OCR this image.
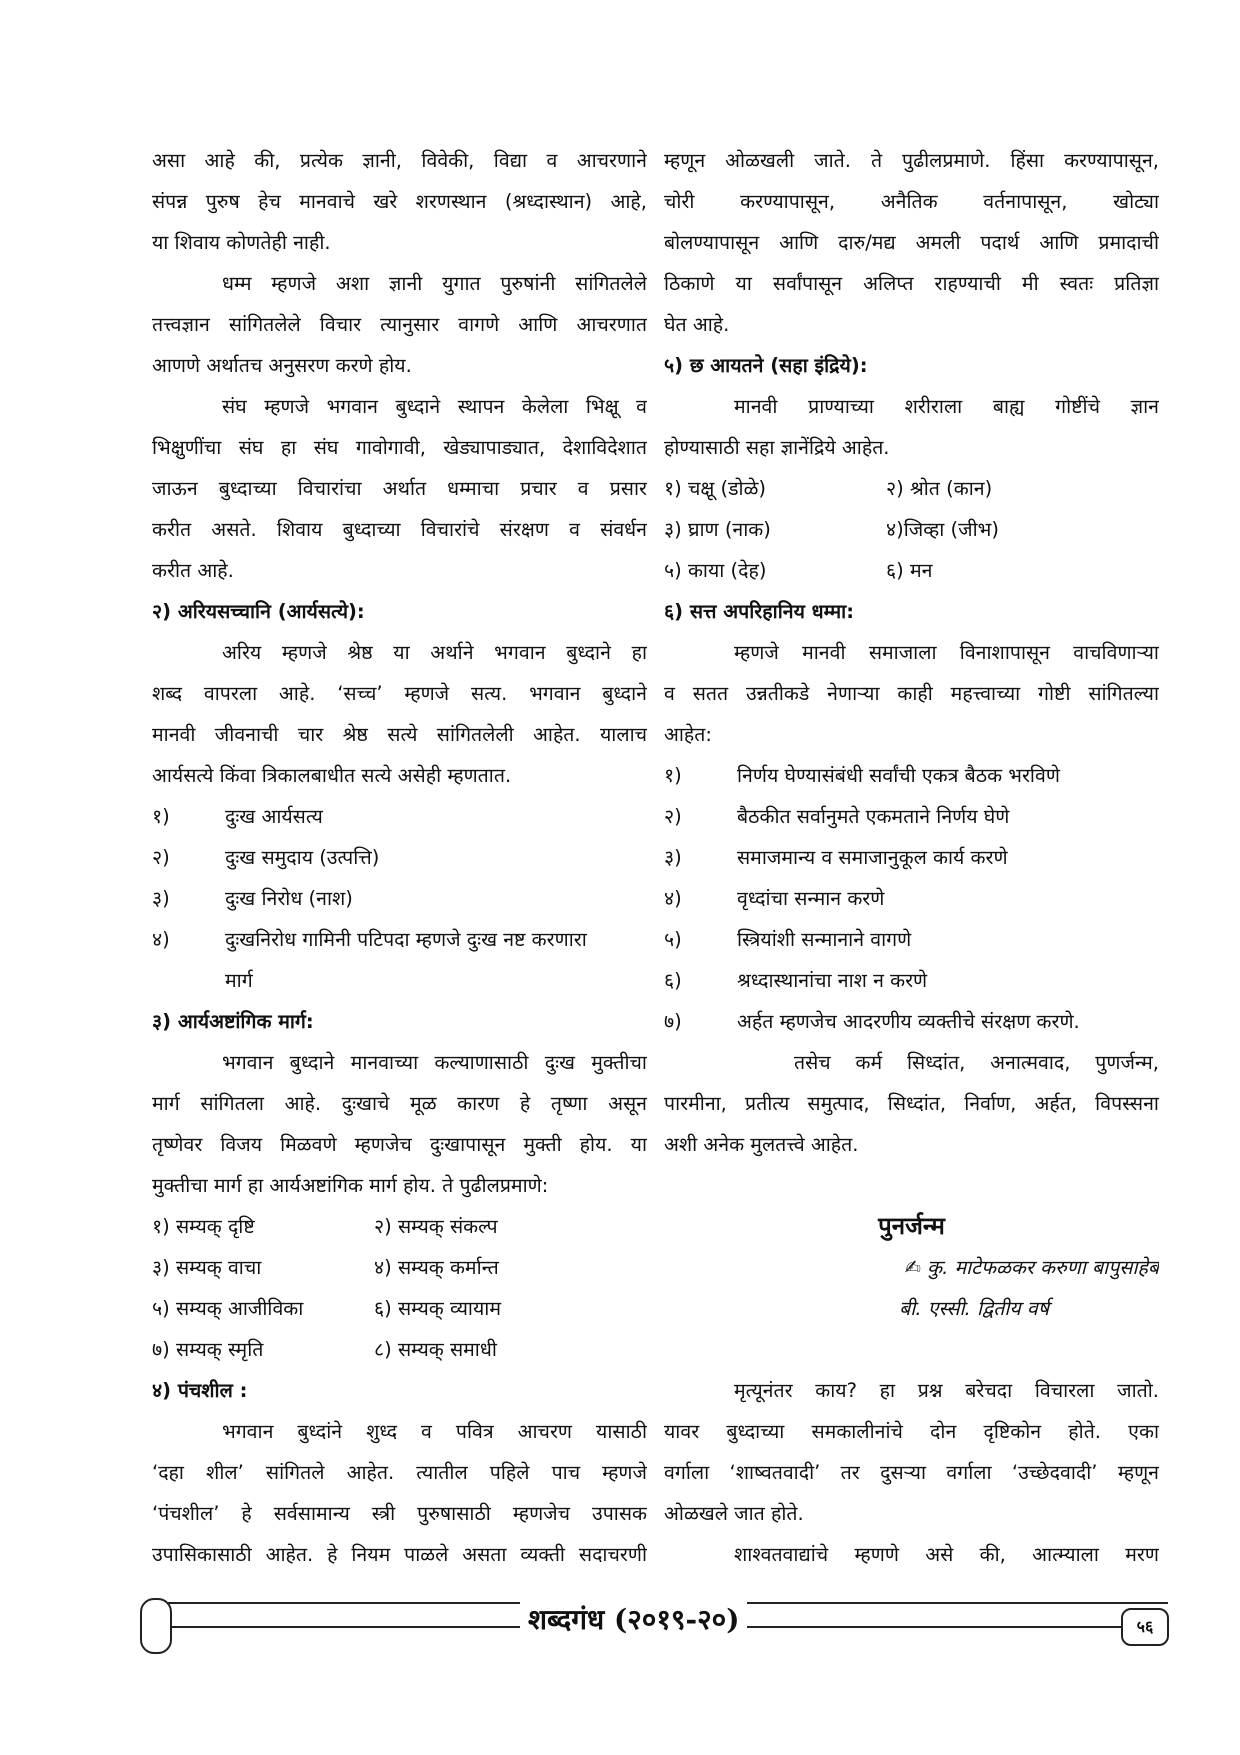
असा आहे की, प्रत्येक ज्ञानी, विवेकी, विद्या व आचरणाने
संपन्न पुरुष हेच मानवाचे खरे शरणस्थान (श्रध्दास्थान) आहे,
या शिवाय कोणतेही नाही.
धम्म म्हणजे अशा ज्ञानी युगात पुरुषांनी सांगितलेले
तत्त्वज्ञान सांगितलेले विचार त्यानुसार वागणे आणि आचरणात
आणणे अर्थातच अनुसरण करणे होय.
संघ म्हणजे भगवान बुध्दाने स्थापन केलेला भिक्षू व
भिक्षुणींचा संघ हा संघ गावोगावी, खेड्यापाड्यात, देशाविदेशात
जाऊन बुध्दाच्या विचारांचा अर्थात धम्माचा प्रचार व प्रसार
करीत असते. शिवाय बुध्दाच्या विचारांचे संरक्षण व संवर्धन
करीत आहे.
२) अरियसच्चानि (आर्यसत्ये):
अरिय म्हणजे श्रेष्ठ या अर्थाने भगवान बुध्दाने हा
शब्द वापरला आहे. ‘सच्च’ म्हणजे सत्य. भगवान बुध्दाने
मानवी जीवनाची चार श्रेष्ठ सत्ये सांगितलेली आहेत. यालाच
आर्यसत्ये किंवा त्रिकालबाधीत सत्ये असेही म्हणतात.
१)	दुःख आर्यसत्य
२)	दुःख समुदाय (उत्पत्ति)
३)	दुःख निरोध (नाश)
४)	दुःखनिरोध गामिनी पटिपदा म्हणजे दुःख नष्ट करणारा
मार्ग
३) आर्यअष्टांगिक मार्ग:
भगवान बुध्दाने मानवाच्या कल्याणासाठी दुःख मुक्तीचा
मार्ग सांगितला आहे. दुःखाचे मूळ कारण हे तृष्णा असून
तृष्णेवर विजय मिळवणे म्हणजेच दुःखापासून मुक्ती होय. या
मुक्तीचा मार्ग हा आर्यअष्टांगिक मार्ग होय. ते पुढीलप्रमाणे:
१) सम्यक् दृष्टि	२) सम्यक् संकल्प
३) सम्यक् वाचा	४) सम्यक् कर्मान्त
५) सम्यक् आजीविका	६) सम्यक् व्यायाम
७) सम्यक् स्मृति	८) सम्यक् समाधी
४) पंचशील :
भगवान बुध्दांने शुध्द व पवित्र आचरण यासाठी
‘दहा शील’ सांगितले आहेत. त्यातील पहिले पाच म्हणजे
‘पंचशील’ हे सर्वसामान्य स्त्री पुरुषासाठी म्हणजेच उपासक
उपासिकासाठी आहेत. हे नियम पाळले असता व्यक्ती सदाचरणी
म्हणून ओळखली जाते. ते पुढीलप्रमाणे. हिंसा करण्यापासून,
चोरी करण्यापासून, अनैतिक वर्तनापासून, खोट्या
बोलण्यापासून आणि दारु/मद्य अमली पदार्थ आणि प्रमादाची
ठिकाणे या सर्वांपासून अलिप्त राहण्याची मी स्वतः प्रतिज्ञा
घेत आहे.
५) छ आयतने (सहा इंद्रिये):
मानवी प्राण्याच्या शरीराला बाह्य गोष्टींचे ज्ञान
होण्यासाठी सहा ज्ञानेंद्रिये आहेत.
१) चक्षू (डोळे)	२) श्रोत (कान)
३) घ्राण (नाक)	४)जिव्हा (जीभ)
५) काया (देह)	६) मन
६) सत्त अपरिहानिय धम्मा:
म्हणजे मानवी समाजाला विनाशापासून वाचविणाऱ्या
व सतत उन्नतीकडे नेणाऱ्या काही महत्त्वाच्या गोष्टी सांगितल्या
आहेत:
१)	निर्णय घेण्यासंबंधी सर्वांची एकत्र बैठक भरविणे
२)	बैठकीत सर्वानुमते एकमताने निर्णय घेणे
३)	समाजमान्य व समाजानुकूल कार्य करणे
४)	वृध्दांचा सन्मान करणे
५)	स्त्रियांशी सन्मानाने वागणे
६)	श्रध्दास्थानांचा नाश न करणे
७)	अर्हत म्हणजेच आदरणीय व्यक्तीचे संरक्षण करणे.
तसेच कर्म सिध्दांत, अनात्मवाद, पुणर्जन्म,
पारमीना, प्रतीत्य समुत्पाद, सिध्दांत, निर्वाण, अर्हत, विपस्सना
अशी अनेक मुलतत्त्वे आहेत.
पुनर्जन्म
✍ कु. माटेफळकर करुणा बापुसाहेब
बी. एस्सी. द्वितीय वर्ष
मृत्यूनंतर काय? हा प्रश्न बरेचदा विचारला जातो.
यावर बुध्दाच्या समकालीनांचे दोन दृष्टिकोन होते. एका
वर्गाला ‘शाष्वतवादी’ तर दुसऱ्या वर्गाला ‘उच्छेदवादी’ म्हणून
ओळखले जात होते.
शाश्वतवाद्यांचे म्हणणे असे की, आत्म्याला मरण
शब्दगंध (२०१९-२०)	५६
